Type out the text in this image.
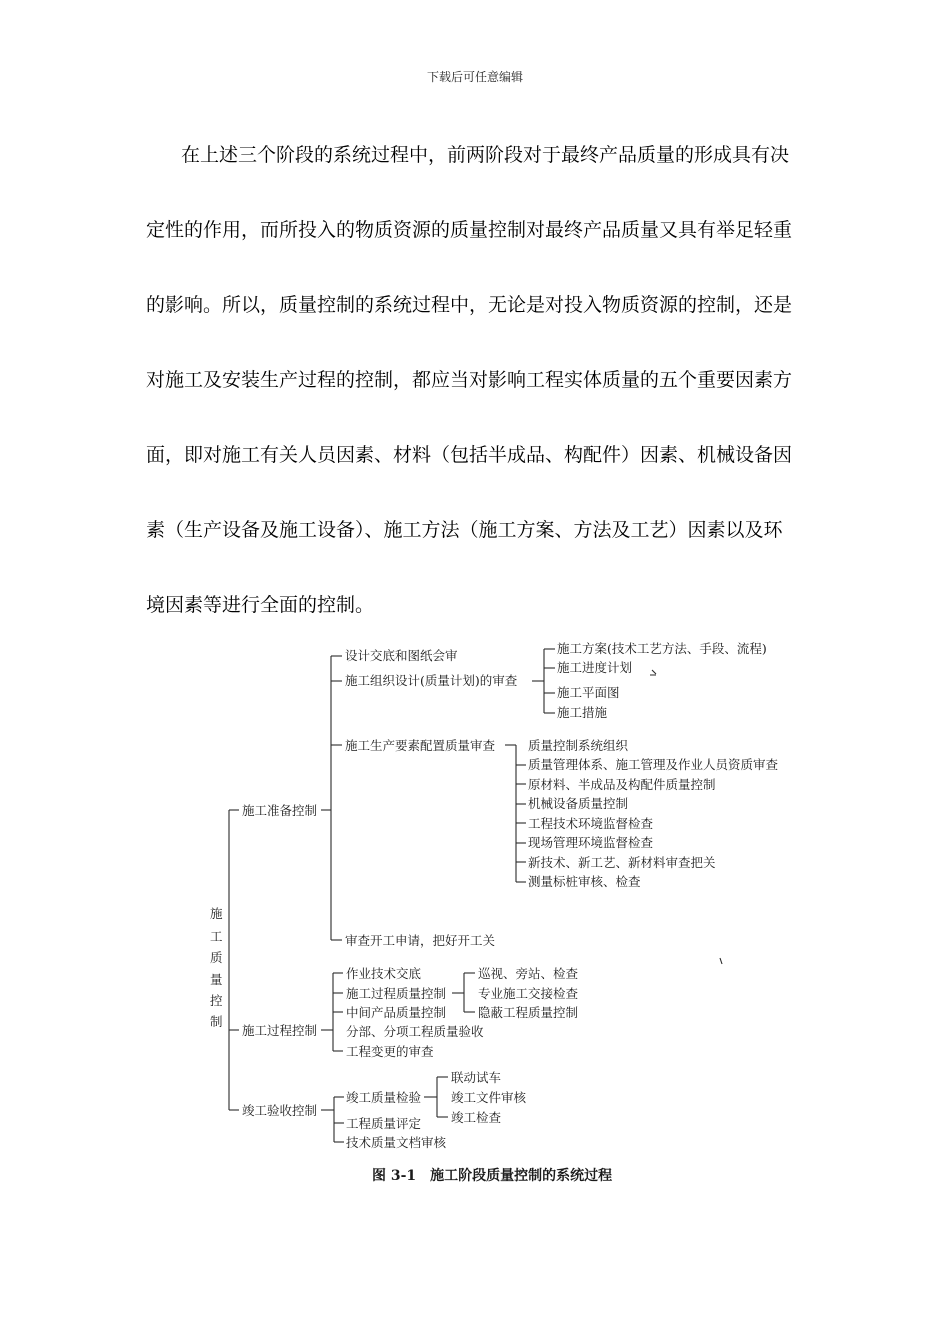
下载后可任意编辑
在上述三个阶段的系统过程中，前两阶段对于最终产品质量的形成具有决
定性的作用，而所投入的物质资源的质量控制对最终产品质量又具有举足轻重
的影响。所以，质量控制的系统过程中，无论是对投入物质资源的控制，还是
对施工及安装生产过程的控制，都应当对影响工程实体质量的五个重要因素方
面，即对施工有关人员因素、材料（包括半成品、构配件）因素、机械设备因
素（生产设备及施工设备）、施工方法（施工方案、方法及工艺）因素以及环
境因素等进行全面的控制。
施
工
质
量
控
制
施工准备控制
施工过程控制
竣工验收控制
设计交底和图纸会审
施工组织设计(质量计划)的审查
施工生产要素配置质量审查
审查开工申请，把好开工关
施工方案(技术工艺方法、手段、流程)
施工进度计划
施工平面图
施工措施
质量控制系统组织
质量管理体系、施工管理及作业人员资质审查
原材料、半成品及构配件质量控制
机械设备质量控制
工程技术环境监督检查
现场管理环境监督检查
新技术、新工艺、新材料审查把关
测量标桩审核、检查
作业技术交底
施工过程质量控制
中间产品质量控制
分部、分项工程质量验收
工程变更的审查
巡视、旁站、检查
专业施工交接检查
隐蔽工程质量控制
竣工质量检验
工程质量评定
技术质量文档审核
联动试车
竣工文件审核
竣工检查
图 3-1　施工阶段质量控制的系统过程
